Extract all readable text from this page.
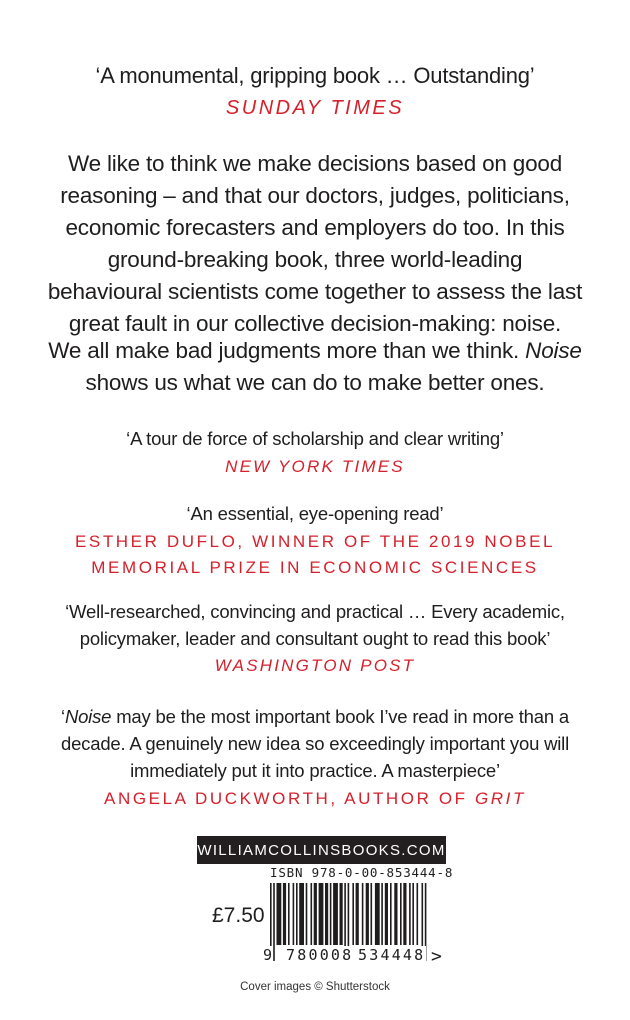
‘A monumental, gripping book … Outstanding’
SUNDAY TIMES
We like to think we make decisions based on good
reasoning – and that our doctors, judges, politicians,
economic forecasters and employers do too. In this
ground-breaking book, three world-leading
behavioural scientists come together to assess the last
great fault in our collective decision-making: noise.
We all make bad judgments more than we think. Noise
shows us what we can do to make better ones.
‘A tour de force of scholarship and clear writing’
NEW YORK TIMES
‘An essential, eye-opening read’
ESTHER DUFLO, WINNER OF THE 2019 NOBEL
MEMORIAL PRIZE IN ECONOMIC SCIENCES
‘Well-researched, convincing and practical … Every academic,
policymaker, leader and consultant ought to read this book’
WASHINGTON POST
‘Noise may be the most important book I’ve read in more than a
decade. A genuinely new idea so exceedingly important you will
immediately put it into practice. A masterpiece’
ANGELA DUCKWORTH, AUTHOR OF GRIT
WILLIAMCOLLINSBOOKS.COM
ISBN 978-0-00-853444-8
£7.50
9 780008 534448 >
Cover images © Shutterstock
